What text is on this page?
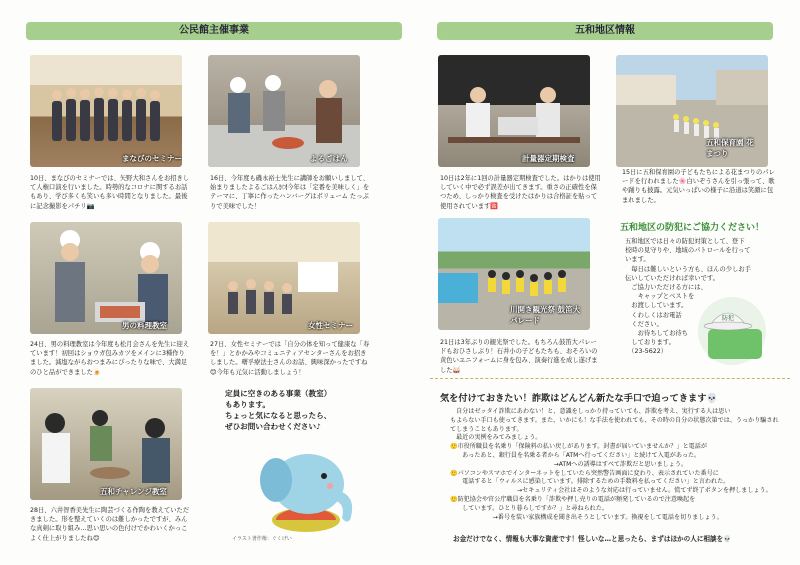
公民館主催事業
まなびのセミナー
10日、まなびのセミナーでは、矢野大和さんをお招きして人権口演を行いました。時勢的なコロナに関するお話もあり、学び多くも笑いも多い時間となりました。最後に記念撮影をパチリ📷
よるごはん
16日、今年度も磯永裕士先生に講師をお願いしまして、始まりましたよるごはん🍽今年は「定番を美味しく」をテーマに、丁寧に作ったハンバーグはボリューム たっぷりで美味でした！
男の料理教室
24日、男の料理教室は今年度も松月会さんを先生に迎えています！初回はショウガ包みカツをメインに3種作りました。減塩ながらおつまみにぴったりな味で、大満足のひと品ができました🍺
女性セミナー
27日、女性セミナーでは「自分の体を知って健康な「寿を！」とかかみやコミュニティアセンターさんをお招きしました。曙孚療法士さんのお話、興味深かったですね😊今年も元気に活動しましょう！
五和チャレンジ教室
28日、六井智香美先生に陶芸づくる作陶を教えていただきました。形を整えていくのは難しかったですが、みんな真剣に取り組み…思い思いの色付けでかわいくかっこよく仕上がりましたね😊
定員に空きのある事業（教室）
もあります。
ちょっと気になると思ったら、
ぜひお問い合わせください♪
イラスト著作権：ぐくげい
五和地区情報
計量器定期検査
10日は2年に1回の計量器定期検査でした。はかりは使用していく中で必ず誤差が出てきます。重さの正確性を保つため、しっかり検査を受けたはかりは合格証を貼って使用されています🈴
五和保育園 花まつり
15日に五和保育園の子どもたちによる花まつりのパレードを行われました🌸白いぞうさんを引っ張って、歌や踊りも披露。元気いっぱいの様子に沿道は笑顔に包まれました。
川開き観光祭 鼓笛大パレード
21日は3年ぶりの観光祭でした。もちろん鼓笛大パレードもおひさしぶり！石井小の子どもたちも、おそろいの黄色いユニフォームに身を包み、演奏行進を成し遂げました🥁
五和地区の防犯にご協力ください！
五和地区では日々の防犯対策として、登下
校時の見守りや、地域のパトロールを行って
います。
　毎日は難しいという方も、ほんの少しお手
伝いしていただければ幸いです。
　ご協力いただける方には、
　　キャップとベストを
　お渡ししています。
　くわしくはお電話
　ください。
　　お待ちしてお待ち
　しております。
　（23-5622）
防犯
気を付けておきたい！詐欺はどんどん新たな手口で迫ってきます💀

　自分はゼッタイ詐欺にあわない！と、意識をしっかり持っていても、詐欺を考え、実行する人は思い

もよらない手口も使ってきます。また、いかにも！な手法を使われても、その時の自分の状態次第では、うっかり騙されてしまうこともあります。

　最近の実例をみてみましょう。

🙂市役所職員を名乗り「保険料の払い戻しがあります。封書が届いていませんか？」と電話が

　　あったあと、銀行員を名乗る者から「ATMへ行ってください」と続けて入電があった。

　　　　　　　　　　　　　　　　　→ATMへの誘導はすべて詐欺だと思いましょう。

🙂パソコンやスマホでインターネットをしていたら突然警告画面に変わり、表示されていた番号に

　　電話すると「ウィルスに感染しています。排除するための手数料を払ってください」と言われた。

　　　　　　　　　　　→セキュリティ会社はそのような対応は行っていません。慌てず終了ボタンを押しましょう。

🙂防犯協会や官公庁職員を名乗り「詐欺や押し売りの電話が頻発しているので注意喚起を

　　しています。ひとり暮らしですか？」と尋ねられた。

　　　　　　　→番号を装い家族構成を聞き出そうとしています。換視をして電話を切りましょう。

お金だけでなく、情報も大事な資産です！怪しいな…と思ったら、まずはほかの人に相談を💀
